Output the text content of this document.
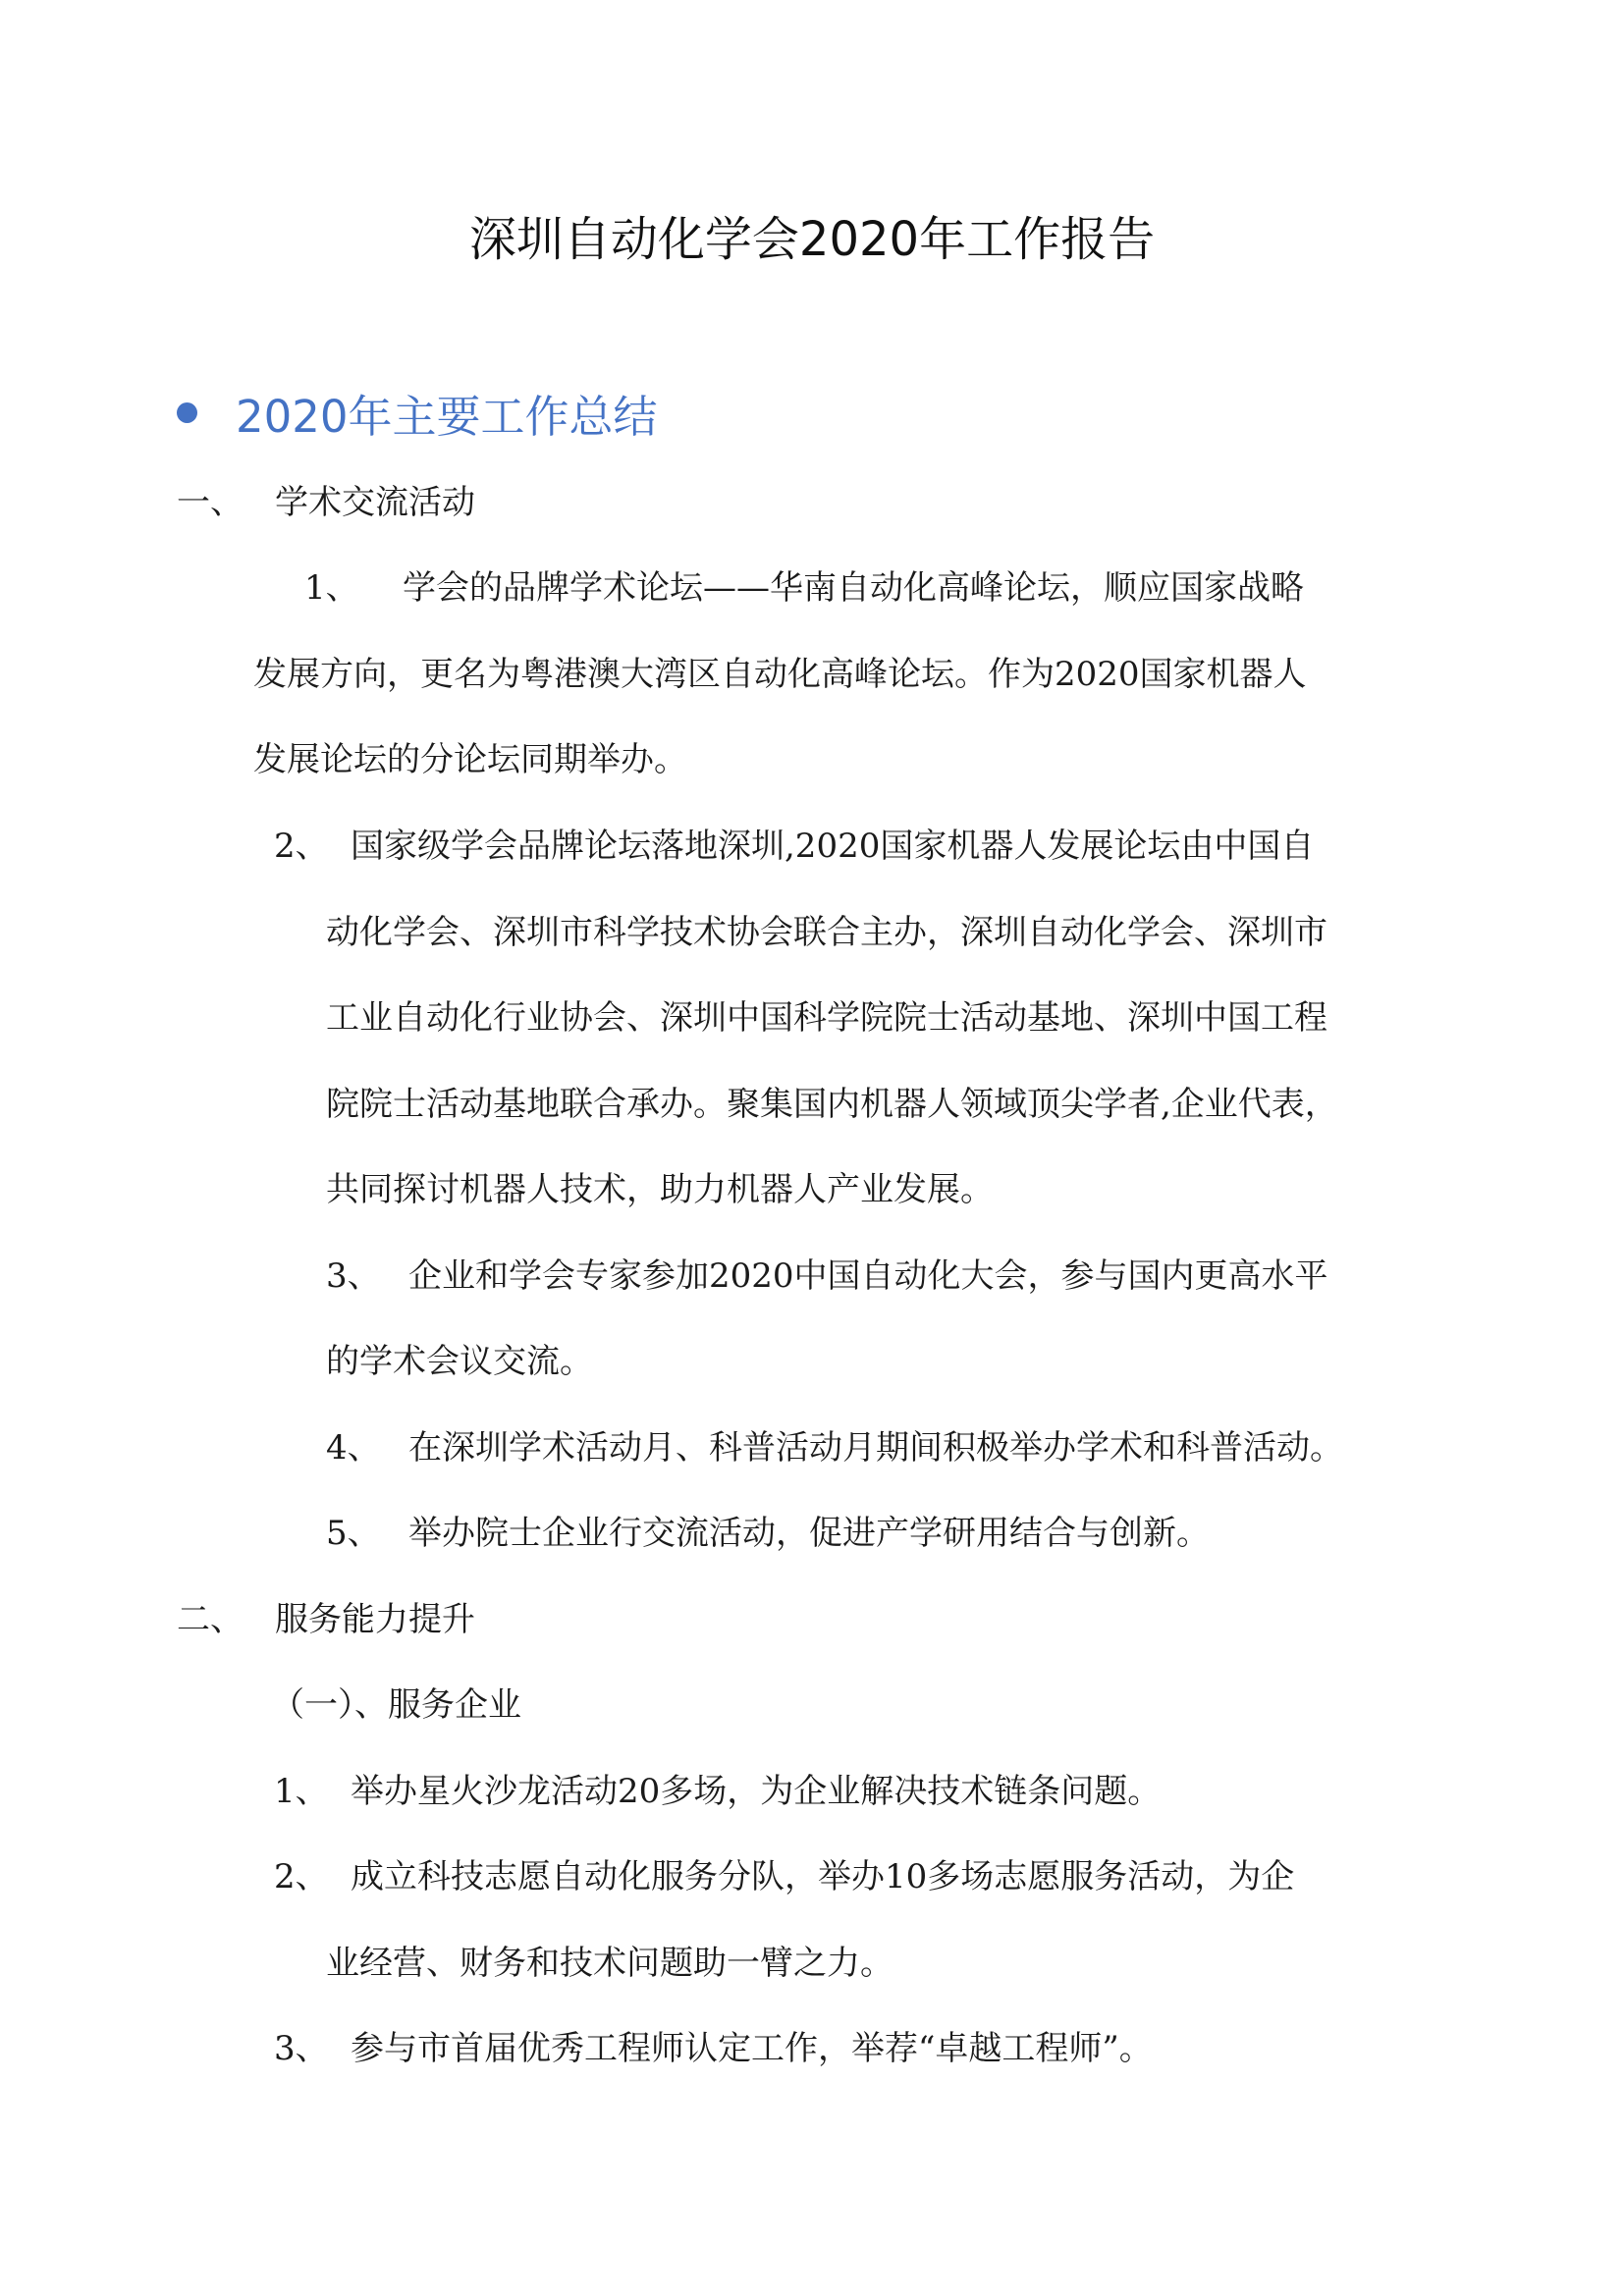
深圳自动化学会2020年工作报告
2020年主要工作总结
一、 学术交流活动
1、 学会的品牌学术论坛——华南自动化高峰论坛，顺应国家战略
发展方向，更名为粤港澳大湾区自动化高峰论坛。作为2020国家机器人
发展论坛的分论坛同期举办。
2、 国家级学会品牌论坛落地深圳,2020国家机器人发展论坛由中国自
动化学会、深圳市科学技术协会联合主办，深圳自动化学会、深圳市
工业自动化行业协会、深圳中国科学院院士活动基地、深圳中国工程
院院士活动基地联合承办。聚集国内机器人领域顶尖学者,企业代表，
共同探讨机器人技术，助力机器人产业发展。
3、 企业和学会专家参加2020中国自动化大会，参与国内更高水平
的学术会议交流。
4、 在深圳学术活动月、科普活动月期间积极举办学术和科普活动。
5、 举办院士企业行交流活动，促进产学研用结合与创新。
二、 服务能力提升
（一）、服务企业
1、 举办星火沙龙活动20多场，为企业解决技术链条问题。
2、 成立科技志愿自动化服务分队，举办10多场志愿服务活动，为企
业经营、财务和技术问题助一臂之力。
3、 参与市首届优秀工程师认定工作，举荐“卓越工程师”。
